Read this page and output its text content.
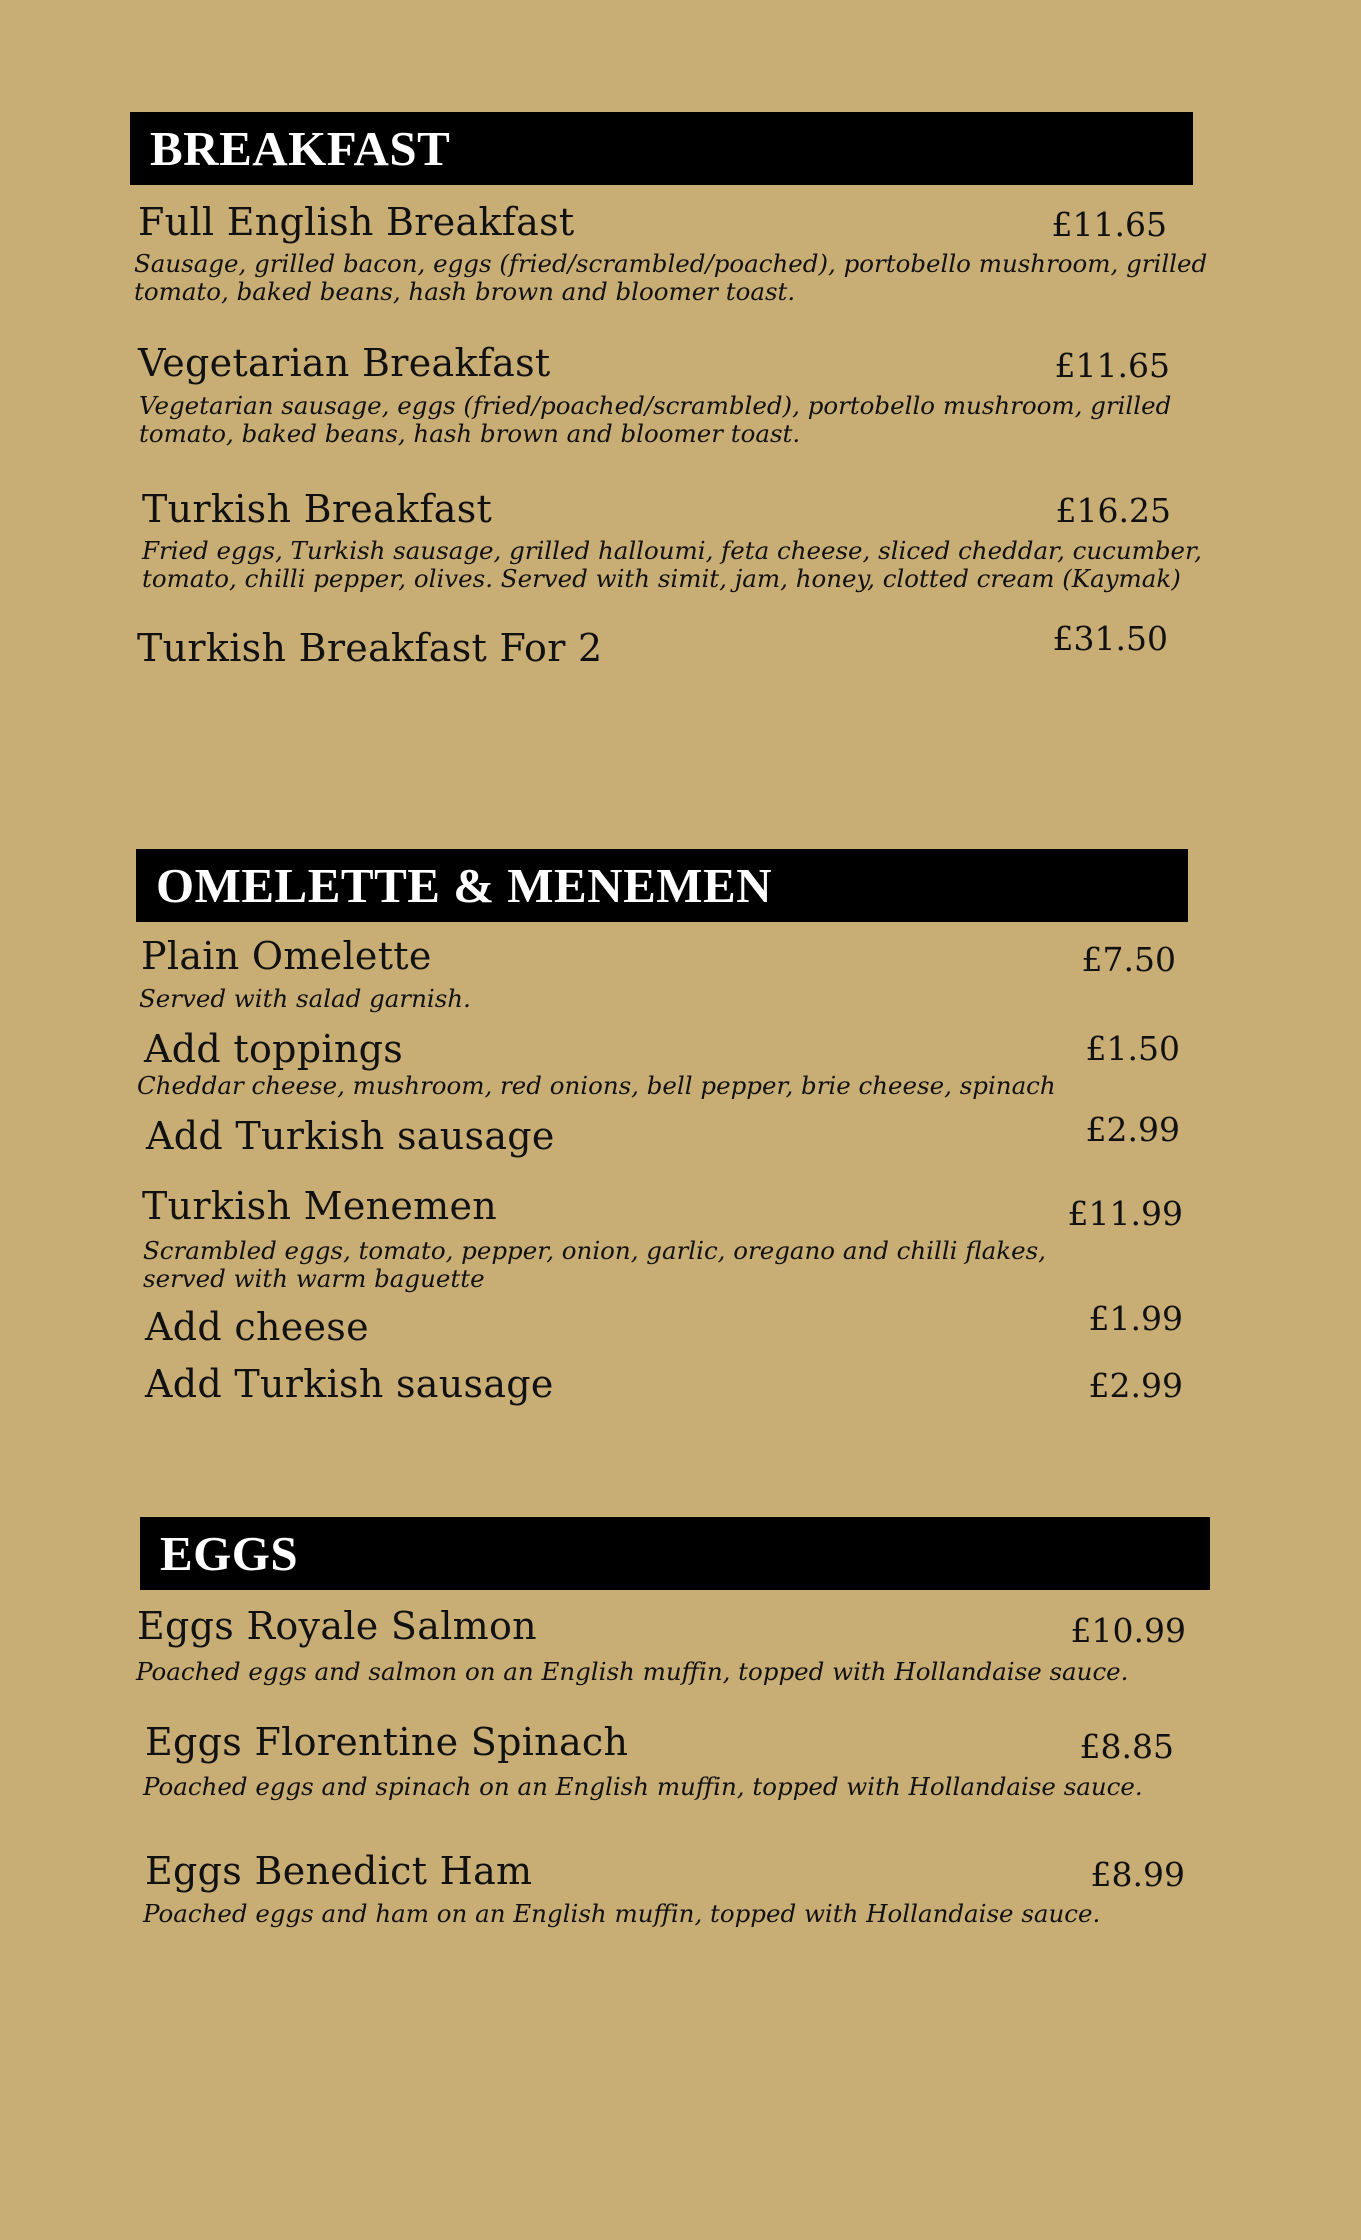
BREAKFAST
Full English Breakfast	£11.65
Sausage, grilled bacon, eggs (fried/scrambled/poached), portobello mushroom, grilled
tomato, baked beans, hash brown and bloomer toast.
Vegetarian Breakfast	£11.65
Vegetarian sausage, eggs (fried/poached/scrambled), portobello mushroom, grilled
tomato, baked beans, hash brown and bloomer toast.
Turkish Breakfast	£16.25
Fried eggs, Turkish sausage, grilled halloumi, feta cheese, sliced cheddar, cucumber,
tomato, chilli pepper, olives. Served with simit, jam, honey, clotted cream (Kaymak)
Turkish Breakfast For 2	£31.50
OMELETTE & MENEMEN
Plain Omelette	£7.50
Served with salad garnish.
Add toppings	£1.50
Cheddar cheese, mushroom, red onions, bell pepper, brie cheese, spinach
Add Turkish sausage	£2.99
Turkish Menemen	£11.99
Scrambled eggs, tomato, pepper, onion, garlic, oregano and chilli flakes,
served with warm baguette
Add cheese	£1.99
Add Turkish sausage	£2.99
EGGS
Eggs Royale Salmon	£10.99
Poached eggs and salmon on an English muffin, topped with Hollandaise sauce.
Eggs Florentine Spinach	£8.85
Poached eggs and spinach on an English muffin, topped with Hollandaise sauce.
Eggs Benedict Ham	£8.99
Poached eggs and ham on an English muffin, topped with Hollandaise sauce.
